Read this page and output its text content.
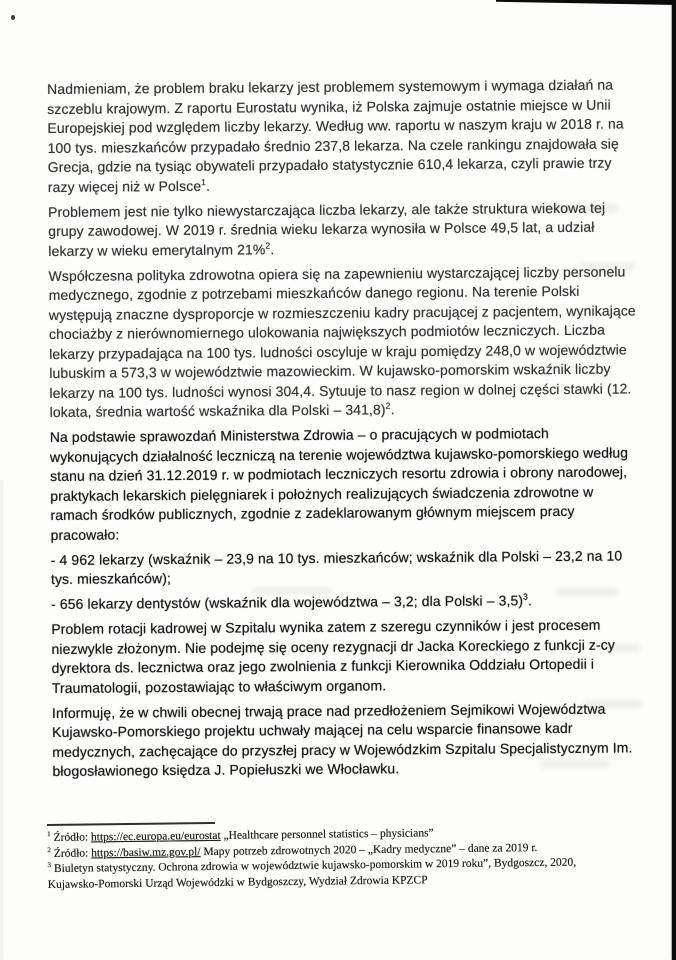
Nadmieniam, że problem braku lekarzy jest problemem systemowym i wymaga działań na szczeblu krajowym. Z raportu Eurostatu wynika, iż Polska zajmuje ostatnie miejsce w Unii Europejskiej pod względem liczby lekarzy. Według ww. raportu w naszym kraju w 2018 r. na 100 tys. mieszkańców przypadało średnio 237,8 lekarza. Na czele rankingu znajdowała się Grecja, gdzie na tysiąc obywateli przypadało statystycznie 610,4 lekarza, czyli prawie trzy razy więcej niż w Polsce$^1$.

Problemem jest nie tylko niewystarczająca liczba lekarzy, ale także struktura wiekowa tej grupy zawodowej. W 2019 r. średnia wieku lekarza wynosiła w Polsce 49,5 lat, a udział lekarzy w wieku emerytalnym 21%$^2$.

Współczesna polityka zdrowotna opiera się na zapewnieniu wystarczającej liczby personelu medycznego, zgodnie z potrzebami mieszkańców danego regionu. Na terenie Polski występują znaczne dysproporcje w rozmieszczeniu kadry pracującej z pacjentem, wynikające chociażby z nierównomiernego ulokowania największych podmiotów leczniczych. Liczba lekarzy przypadająca na 100 tys. ludności oscyluje w kraju pomiędzy 248,0 w województwie lubuskim a 573,3 w województwie mazowieckim. W kujawsko-pomorskim wskaźnik liczby lekarzy na 100 tys. ludności wynosi 304,4. Sytuuje to nasz region w dolnej części stawki (12. lokata, średnia wartość wskaźnika dla Polski – 341,8)$^2$.

Na podstawie sprawozdań Ministerstwa Zdrowia – o pracujących w podmiotach wykonujących działalność leczniczą na terenie województwa kujawsko-pomorskiego według stanu na dzień 31.12.2019 r. w podmiotach leczniczych resortu zdrowia i obrony narodowej, praktykach lekarskich pielęgniarek i położnych realizujących świadczenia zdrowotne w ramach środków publicznych, zgodnie z zadeklarowanym głównym miejscem pracy pracowało:

- 4 962 lekarzy (wskaźnik – 23,9 na 10 tys. mieszkańców; wskaźnik dla Polski – 23,2 na 10 tys. mieszkańców);

- 656 lekarzy dentystów (wskaźnik dla województwa – 3,2; dla Polski – 3,5)$^3$.

Problem rotacji kadrowej w Szpitalu wynika zatem z szeregu czynników i jest procesem niezwykle złożonym. Nie podejmę się oceny rezygnacji dr Jacka Koreckiego z funkcji z-cy dyrektora ds. lecznictwa oraz jego zwolnienia z funkcji Kierownika Oddziału Ortopedii i Traumatologii, pozostawiając to właściwym organom.

Informuję, że w chwili obecnej trwają prace nad przedłożeniem Sejmikowi Województwa Kujawsko-Pomorskiego projektu uchwały mającej na celu wsparcie finansowe kadr medycznych, zachęcające do przyszłej pracy w Wojewódzkim Szpitalu Specjalistycznym Im. błogosławionego księdza J. Popiełuszki we Włocławku.

$^1$ Źródło: https://ec.europa.eu/eurostat „Healthcare personnel statistics – physicians”

$^2$ Źródło: https://basiw.mz.gov.pl/ Mapy potrzeb zdrowotnych 2020 – „Kadry medyczne” – dane za 2019 r.

$^3$ Biuletyn statystyczny. Ochrona zdrowia w województwie kujawsko-pomorskim w 2019 roku”, Bydgoszcz, 2020, Kujawsko-Pomorski Urząd Wojewódzki w Bydgoszczy, Wydział Zdrowia KPZCP
